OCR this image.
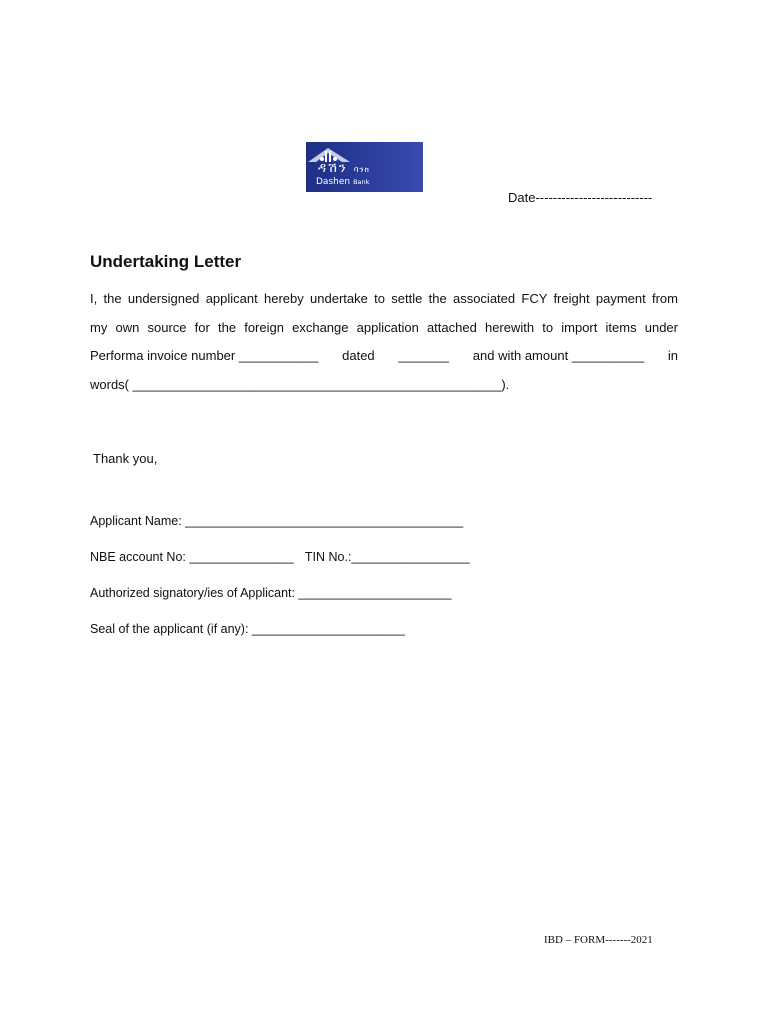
ዳሽን ባንክ
Dashen Bank
Date---------------------------
Undertaking Letter
I, the undersigned applicant hereby undertake to settle the associated FCY freight payment from
my own source for the foreign exchange application attached herewith to import items under
Performa invoice number ___________ dated _______ and with amount __________ in
words( ___________________________________________________).
Thank you,
Applicant Name: ________________________________________
NBE account No: _______________ TIN No.:_________________
Authorized signatory/ies of Applicant: ______________________
Seal of the applicant (if any): ______________________
IBD – FORM-------2021
